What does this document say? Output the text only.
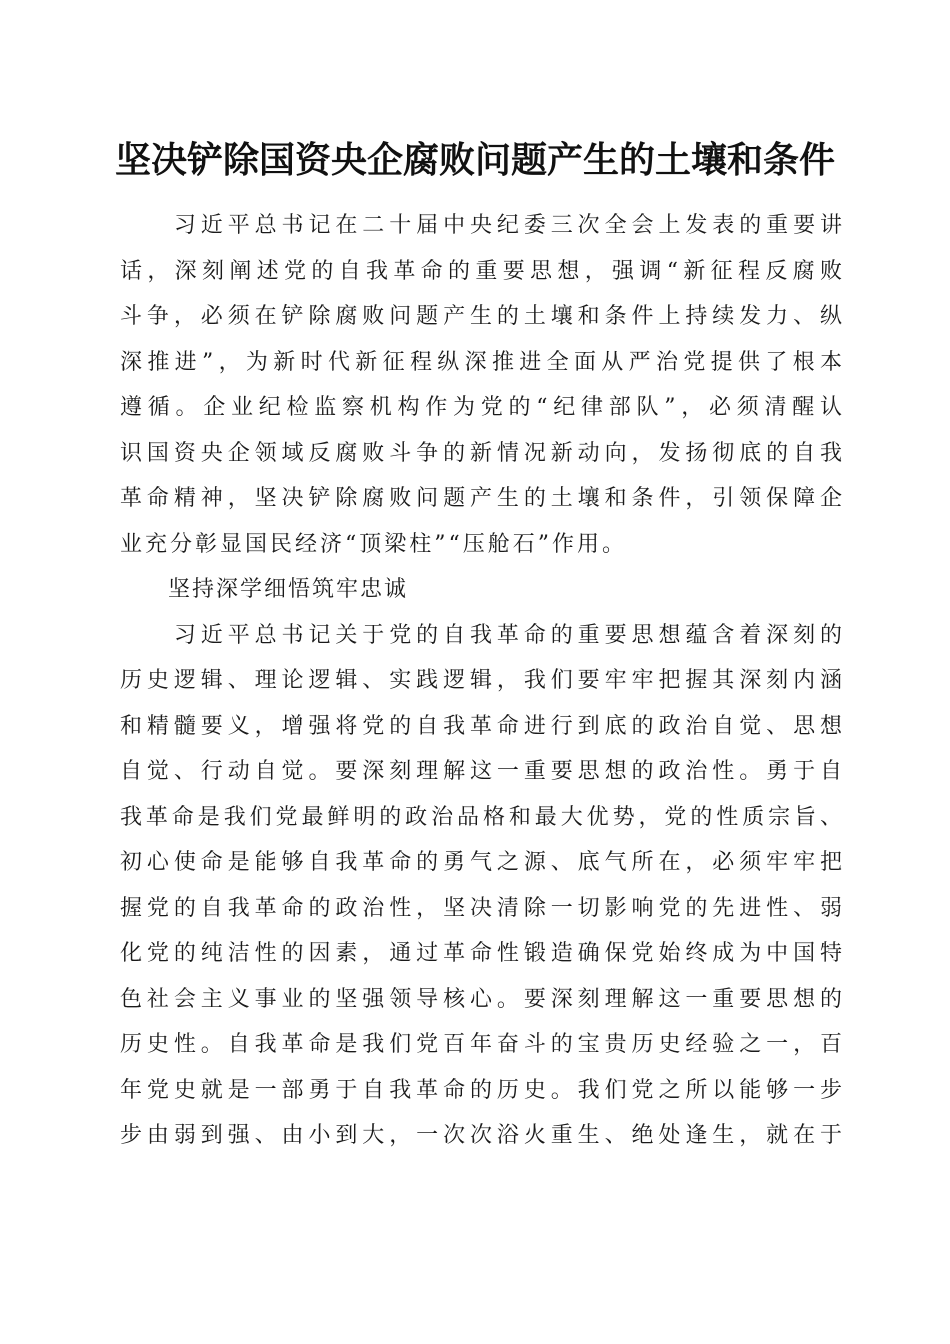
坚决铲除国资央企腐败问题产生的土壤和条件
　　习近平总书记在二十届中央纪委三次全会上发表的重要讲
话，深刻阐述党的自我革命的重要思想，强调“新征程反腐败
斗争，必须在铲除腐败问题产生的土壤和条件上持续发力、纵
深推进”，为新时代新征程纵深推进全面从严治党提供了根本
遵循。企业纪检监察机构作为党的“纪律部队”，必须清醒认
识国资央企领域反腐败斗争的新情况新动向，发扬彻底的自我
革命精神，坚决铲除腐败问题产生的土壤和条件，引领保障企
业充分彰显国民经济“顶梁柱”“压舱石”作用。
　　坚持深学细悟筑牢忠诚
　　习近平总书记关于党的自我革命的重要思想蕴含着深刻的
历史逻辑、理论逻辑、实践逻辑，我们要牢牢把握其深刻内涵
和精髓要义，增强将党的自我革命进行到底的政治自觉、思想
自觉、行动自觉。要深刻理解这一重要思想的政治性。勇于自
我革命是我们党最鲜明的政治品格和最大优势，党的性质宗旨、
初心使命是能够自我革命的勇气之源、底气所在，必须牢牢把
握党的自我革命的政治性，坚决清除一切影响党的先进性、弱
化党的纯洁性的因素，通过革命性锻造确保党始终成为中国特
色社会主义事业的坚强领导核心。要深刻理解这一重要思想的
历史性。自我革命是我们党百年奋斗的宝贵历史经验之一，百
年党史就是一部勇于自我革命的历史。我们党之所以能够一步
步由弱到强、由小到大，一次次浴火重生、绝处逢生，就在于
